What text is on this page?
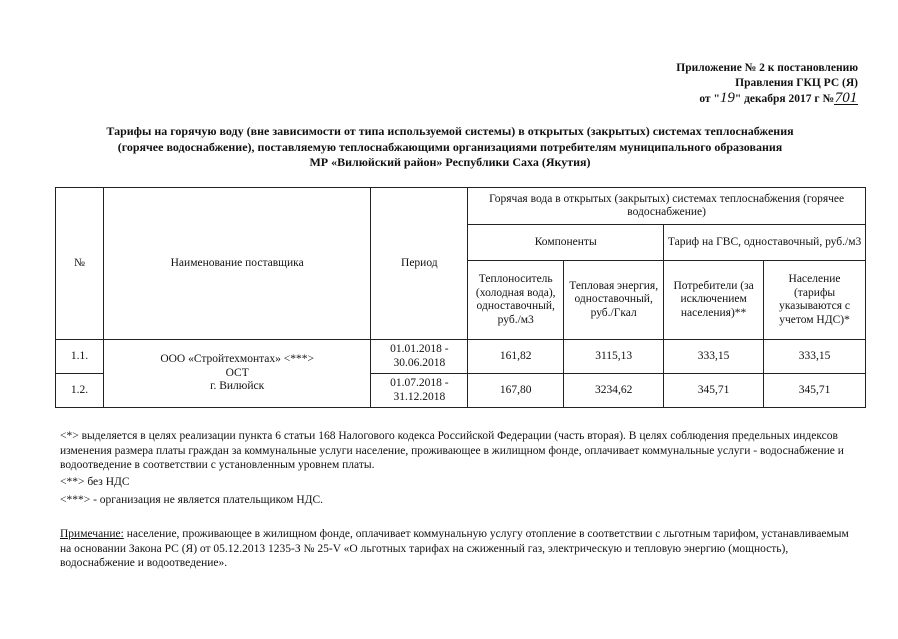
Приложение № 2 к постановлению
Правления ГКЦ РС (Я)
от "19" декабря 2017 г №701
Тарифы на горячую воду (вне зависимости от типа используемой системы) в открытых (закрытых) системах теплоснабжения
(горячее водоснабжение), поставляемую теплоснабжающими организациями потребителям муниципального образования
МР «Вилюйский район» Республики Саха (Якутия)
№	Наименование поставщика	Период	Горячая вода в открытых (закрытых) системах теплоснабжения (горячее водоснабжение)			
			Компоненты		Тариф на ГВС, одноставочный, руб./м3	
			Теплоноситель (холодная вода), одноставочный, руб./м3	Тепловая энергия, одноставочный, руб./Гкал	Потребители (за исключением населения)**	Население (тарифы указываются с учетом НДС)*
1.1.	ООО «Стройтехмонтах» <***>
ОСТ
г. Вилюйск	01.01.2018 - 30.06.2018	161,82	3115,13	333,15	333,15
1.2.		01.07.2018 - 31.12.2018	167,80	3234,62	345,71	345,71
<*> выделяется в целях реализации пункта 6 статьи 168 Налогового кодекса Российской Федерации (часть вторая). В целях соблюдения предельных индексов изменения размера платы граждан за коммунальные услуги население, проживающее в жилищном фонде, оплачивает коммунальные услуги - водоснабжение и водоотведение в соответствии с установленным уровнем платы.
<**> без НДС
<***> - организация не является плательщиком НДС.
Примечание: население, проживающее в жилищном фонде, оплачивает коммунальную услугу отопление в соответствии с льготным тарифом, устанавливаемым на основании Закона РС (Я) от 05.12.2013 1235-З № 25-V «О льготных тарифах на сжиженный газ, электрическую и тепловую энергию (мощность), водоснабжение и водоотведение».
